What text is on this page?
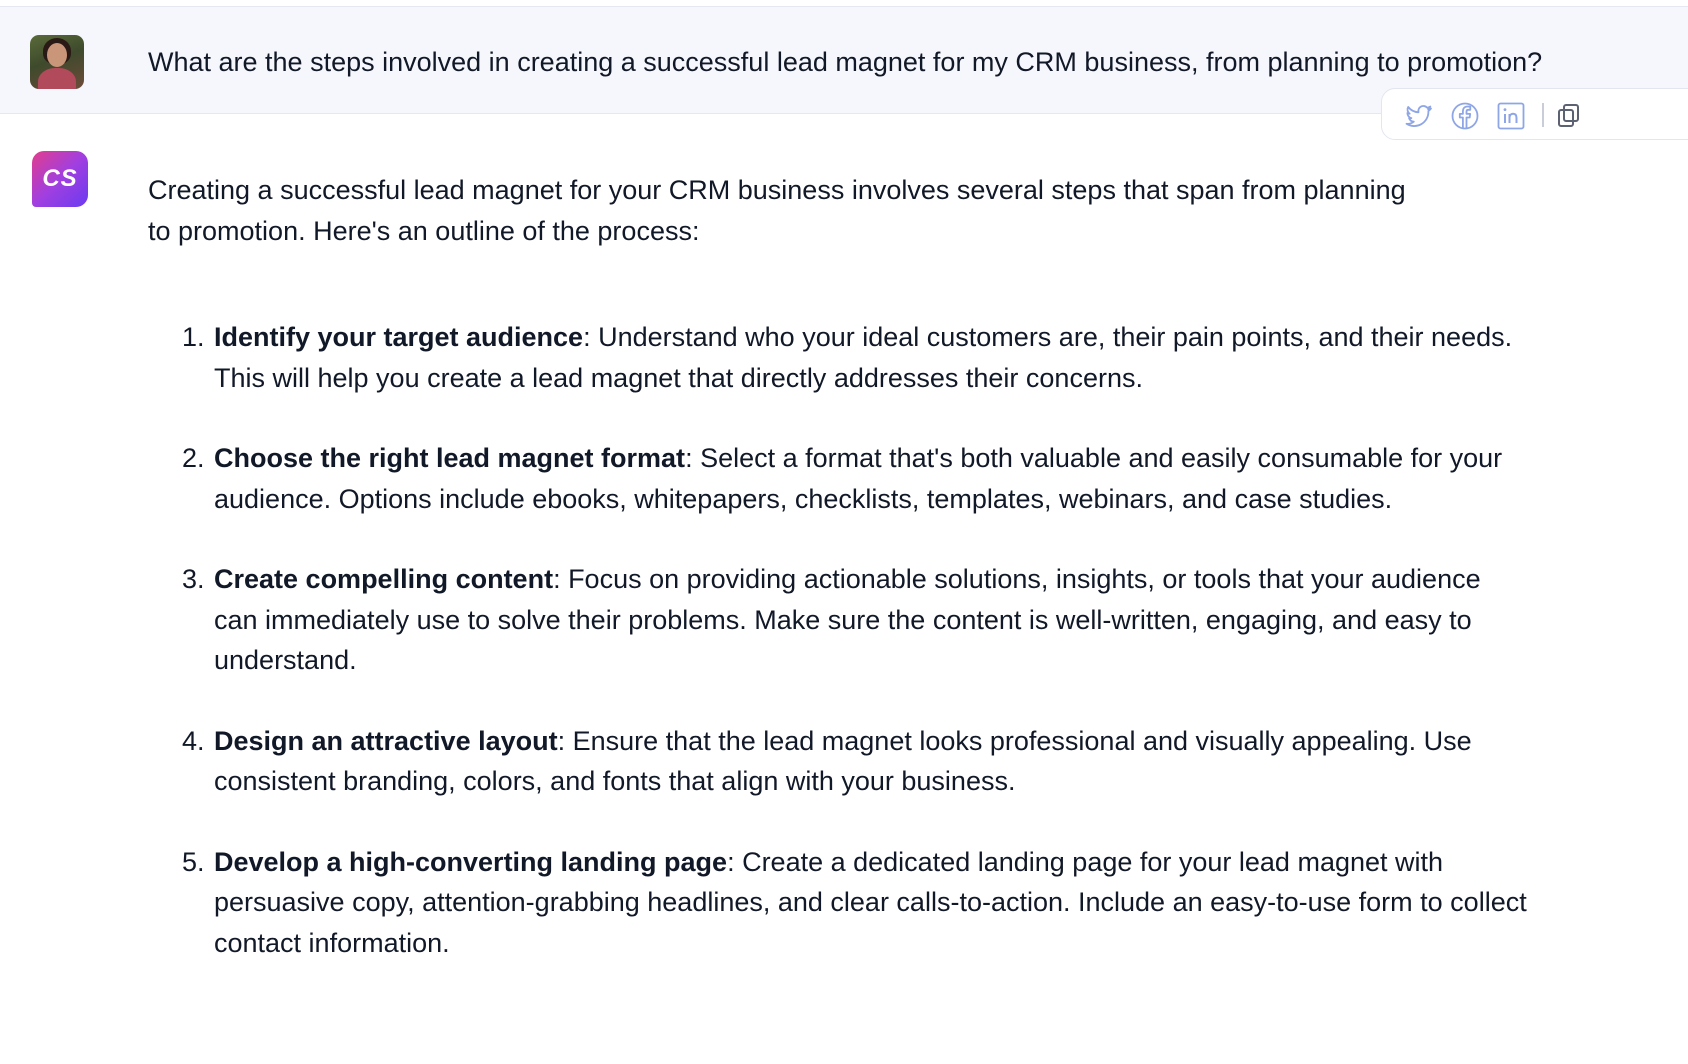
What are the steps involved in creating a successful lead magnet for my CRM business, from planning to promotion?
CS	Creating a successful lead magnet for your CRM business involves several steps that span from planning to promotion. Here's an outline of the process:

1. Identify your target audience: Understand who your ideal customers are, their pain points, and their needs. This will help you create a lead magnet that directly addresses their concerns.
2. Choose the right lead magnet format: Select a format that's both valuable and easily consumable for your audience. Options include ebooks, whitepapers, checklists, templates, webinars, and case studies.
3. Create compelling content: Focus on providing actionable solutions, insights, or tools that your audience can immediately use to solve their problems. Make sure the content is well-written, engaging, and easy to understand.
4. Design an attractive layout: Ensure that the lead magnet looks professional and visually appealing. Use consistent branding, colors, and fonts that align with your business.
5. Develop a high-converting landing page: Create a dedicated landing page for your lead magnet with persuasive copy, attention-grabbing headlines, and clear calls-to-action. Include an easy-to-use form to collect contact information.
